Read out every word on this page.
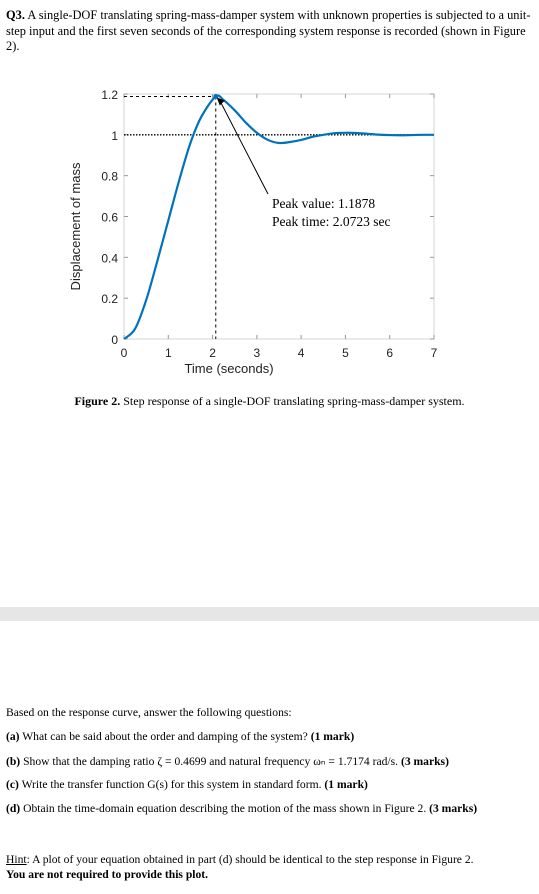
Q3. A single-DOF translating spring-mass-damper system with unknown properties is subjected to a unit-step input and the first seven seconds of the corresponding system response is recorded (shown in Figure 2).
0	1	2	3	4	5	6	7
0
0.2
0.4
0.6
0.8
1
1.2
Peak value: 1.1878
Peak time: 2.0723 sec
Time (seconds)
Displacement of mass
Figure 2. Step response of a single-DOF translating spring-mass-damper system.
Based on the response curve, answer the following questions:
(a) What can be said about the order and damping of the system? (1 mark)
(b) Show that the damping ratio ζ = 0.4699 and natural frequency ωₙ = 1.7174 rad/s. (3 marks)
(c) Write the transfer function G(s) for this system in standard form. (1 mark)
(d) Obtain the time-domain equation describing the motion of the mass shown in Figure 2. (3 marks)
Hint: A plot of your equation obtained in part (d) should be identical to the step response in Figure 2.
You are not required to provide this plot.
